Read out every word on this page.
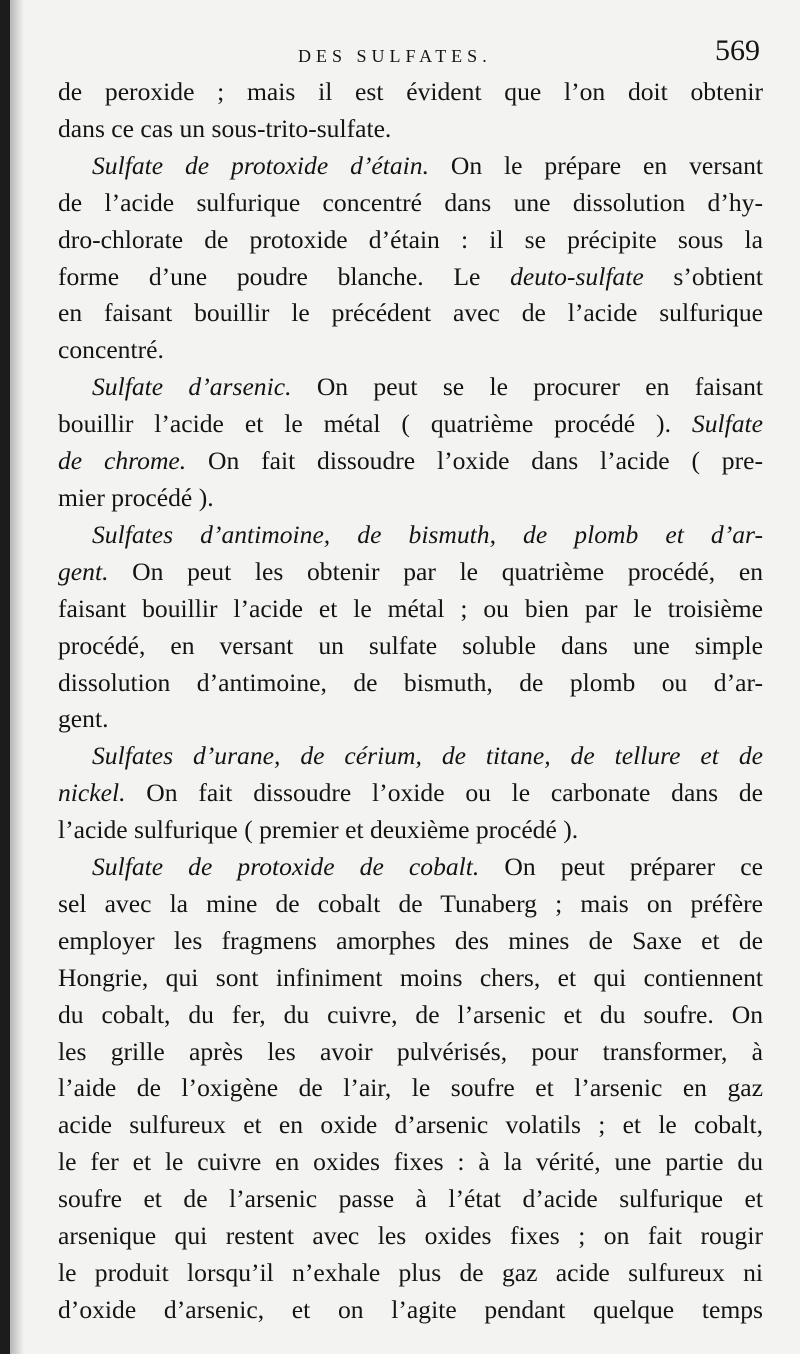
DES SULFATES.	569
de peroxide ; mais il est évident que l’on doit obtenir
dans ce cas un sous-trito-sulfate.
Sulfate de protoxide d’étain. On le prépare en versant
de l’acide sulfurique concentré dans une dissolution d’hy-
dro-chlorate de protoxide d’étain : il se précipite sous la
forme d’une poudre blanche. Le deuto-sulfate s’obtient
en faisant bouillir le précédent avec de l’acide sulfurique
concentré.
Sulfate d’arsenic. On peut se le procurer en faisant
bouillir l’acide et le métal ( quatrième procédé ). Sulfate
de chrome. On fait dissoudre l’oxide dans l’acide ( pre-
mier procédé ).
Sulfates d’antimoine, de bismuth, de plomb et d’ar-
gent. On peut les obtenir par le quatrième procédé, en
faisant bouillir l’acide et le métal ; ou bien par le troisième
procédé, en versant un sulfate soluble dans une simple
dissolution d’antimoine, de bismuth, de plomb ou d’ar-
gent.
Sulfates d’urane, de cérium, de titane, de tellure et de
nickel. On fait dissoudre l’oxide ou le carbonate dans de
l’acide sulfurique ( premier et deuxième procédé ).
Sulfate de protoxide de cobalt. On peut préparer ce
sel avec la mine de cobalt de Tunaberg ; mais on préfère
employer les fragmens amorphes des mines de Saxe et de
Hongrie, qui sont infiniment moins chers, et qui contiennent
du cobalt, du fer, du cuivre, de l’arsenic et du soufre. On
les grille après les avoir pulvérisés, pour transformer, à
l’aide de l’oxigène de l’air, le soufre et l’arsenic en gaz
acide sulfureux et en oxide d’arsenic volatils ; et le cobalt,
le fer et le cuivre en oxides fixes : à la vérité, une partie du
soufre et de l’arsenic passe à l’état d’acide sulfurique et
arsenique qui restent avec les oxides fixes ; on fait rougir
le produit lorsqu’il n’exhale plus de gaz acide sulfureux ni
d’oxide d’arsenic, et on l’agite pendant quelque temps
